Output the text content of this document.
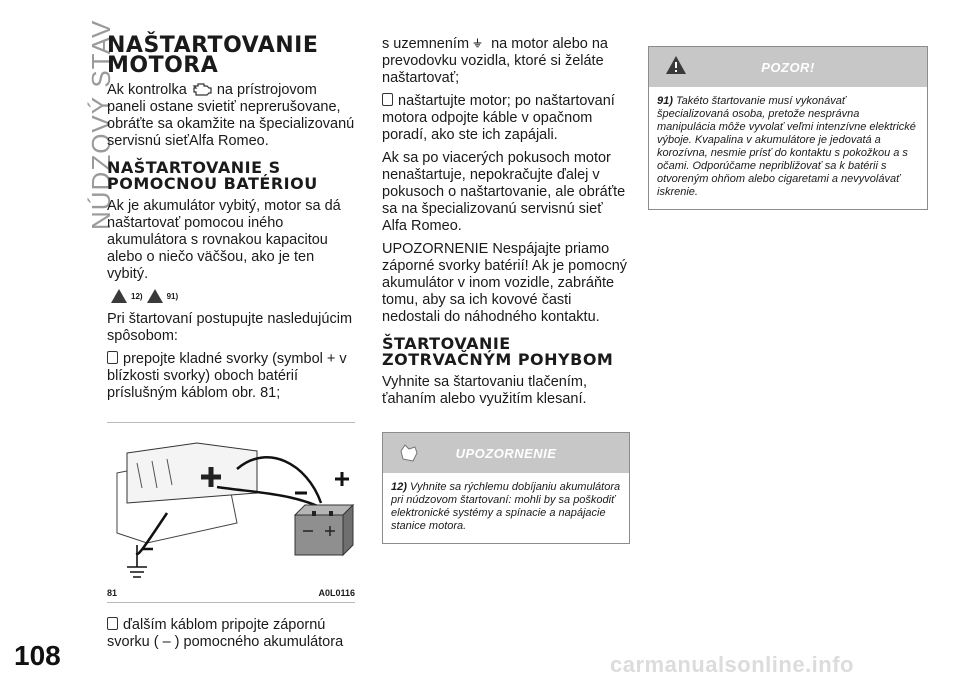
NÚDZOVÝ STAV
108
NAŠTARTOVANIE MOTORA

Ak kontrolka na prístrojovom paneli ostane svietiť neprerušovane, obráťte sa okamžite na špecializovanú servisnú sieťAlfa Romeo.

NAŠTARTOVANIE S POMOCNOU BATÉRIOU

Ak je akumulátor vybitý, motor sa dá naštartovať pomocou iného akumulátora s rovnakou kapacitou alebo o niečo väčšou, ako je ten vybitý.

12)	91)

Pri štartovaní postupujte nasledujúcim spôsobom:

prepojte kladné svorky (symbol + v blízkosti svorky) oboch batérií príslušným káblom obr. 81;

81	A0L0116

ďalším káblom pripojte zápornú svorku ( – ) pomocného akumulátora

s uzemnením na motor alebo na prevodovku vozidla, ktoré si želáte naštartovať;

naštartujte motor; po naštartovaní motora odpojte káble v opačnom poradí, ako ste ich zapájali.

Ak sa po viacerých pokusoch motor nenaštartuje, nepokračujte ďalej v pokusoch o naštartovanie, ale obráťte sa na špecializovanú servisnú sieť Alfa Romeo.

UPOZORNENIE Nespájajte priamo záporné svorky batérií! Ak je pomocný akumulátor v inom vozidle, zabráňte tomu, aby sa ich kovové časti nedostali do náhodného kontaktu.

ŠTARTOVANIE ZOTRVAČNÝM POHYBOM

Vyhnite sa štartovaniu tlačením, ťahaním alebo využitím klesaní.

UPOZORNENIE
12) Vyhnite sa rýchlemu dobíjaniu akumulátora pri núdzovom štartovaní: mohli by sa poškodiť elektronické systémy a spínacie a napájacie stanice motora.
POZOR!
91) Takéto štartovanie musí vykonávať špecializovaná osoba, pretože nesprávna manipulácia môže vyvolať veľmi intenzívne elektrické výboje. Kvapalina v akumulátore je jedovatá a korozívna, nesmie prísť do kontaktu s pokožkou a s očami. Odporúčame nepribližovať sa k batérii s otvoreným ohňom alebo cigaretami a nevyvolávať iskrenie.
carmanualsonline.info
